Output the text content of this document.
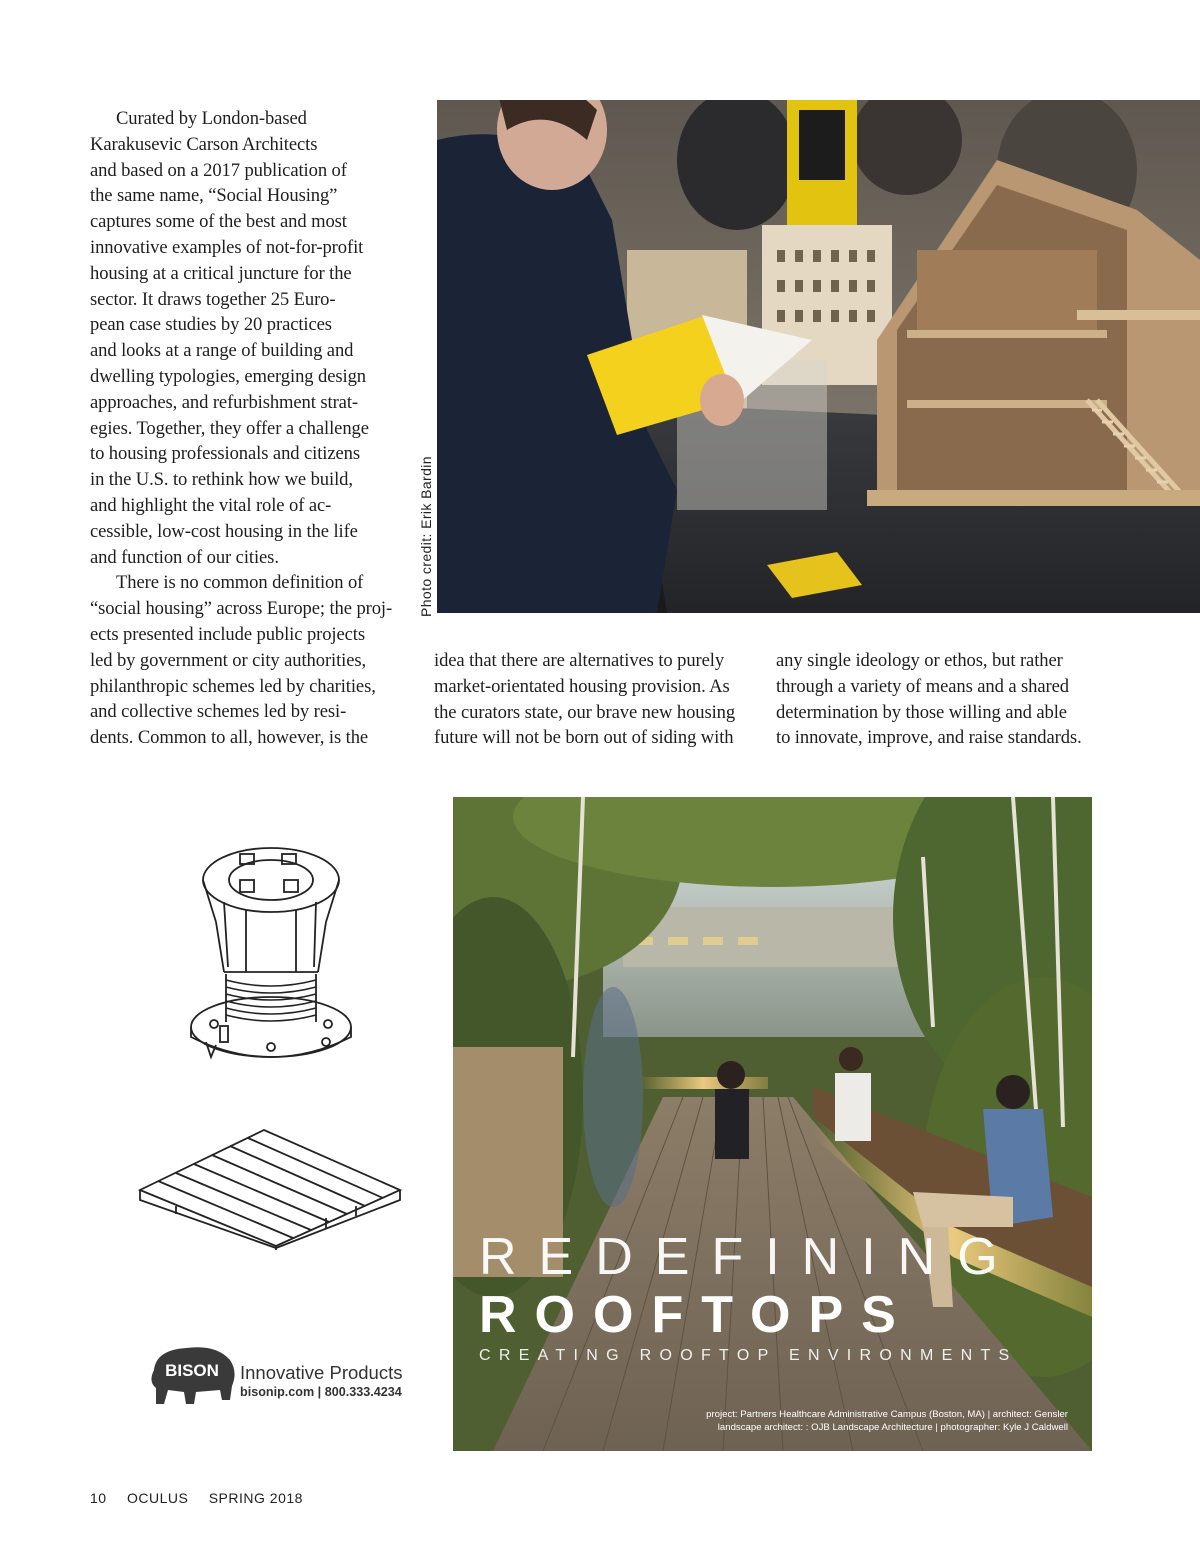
Curated by London-based
Karakusevic Carson Architects
and based on a 2017 publication of
the same name, “Social Housing”
captures some of the best and most
innovative examples of not-for-profit
housing at a critical juncture for the
sector. It draws together 25 Euro-
pean case studies by 20 practices
and looks at a range of building and
dwelling typologies, emerging design
approaches, and refurbishment strat-
egies. Together, they offer a challenge
to housing professionals and citizens
in the U.S. to rethink how we build,
and highlight the vital role of ac-
cessible, low-cost housing in the life
and function of our cities.
There is no common definition of
“social housing” across Europe; the proj-
ects presented include public projects
led by government or city authorities,
philanthropic schemes led by charities,
and collective schemes led by resi-
dents. Common to all, however, is the
idea that there are alternatives to purely
market-orientated housing provision. As
the curators state, our brave new housing
future will not be born out of siding with
any single ideology or ethos, but rather
through a variety of means and a shared
determination by those willing and able
to innovate, improve, and raise standards.
Photo credit: Erik Bardin
BISON Innovative Products
bisonip.com | 800.333.4234
REDEFINING
ROOFTOPS
CREATING ROOFTOP ENVIRONMENTS
project: Partners Healthcare Administrative Campus (Boston, MA) | architect: Gensler
landscape architect: : OJB Landscape Architecture | photographer: Kyle J Caldwell
10 OCULUS SPRING 2018
